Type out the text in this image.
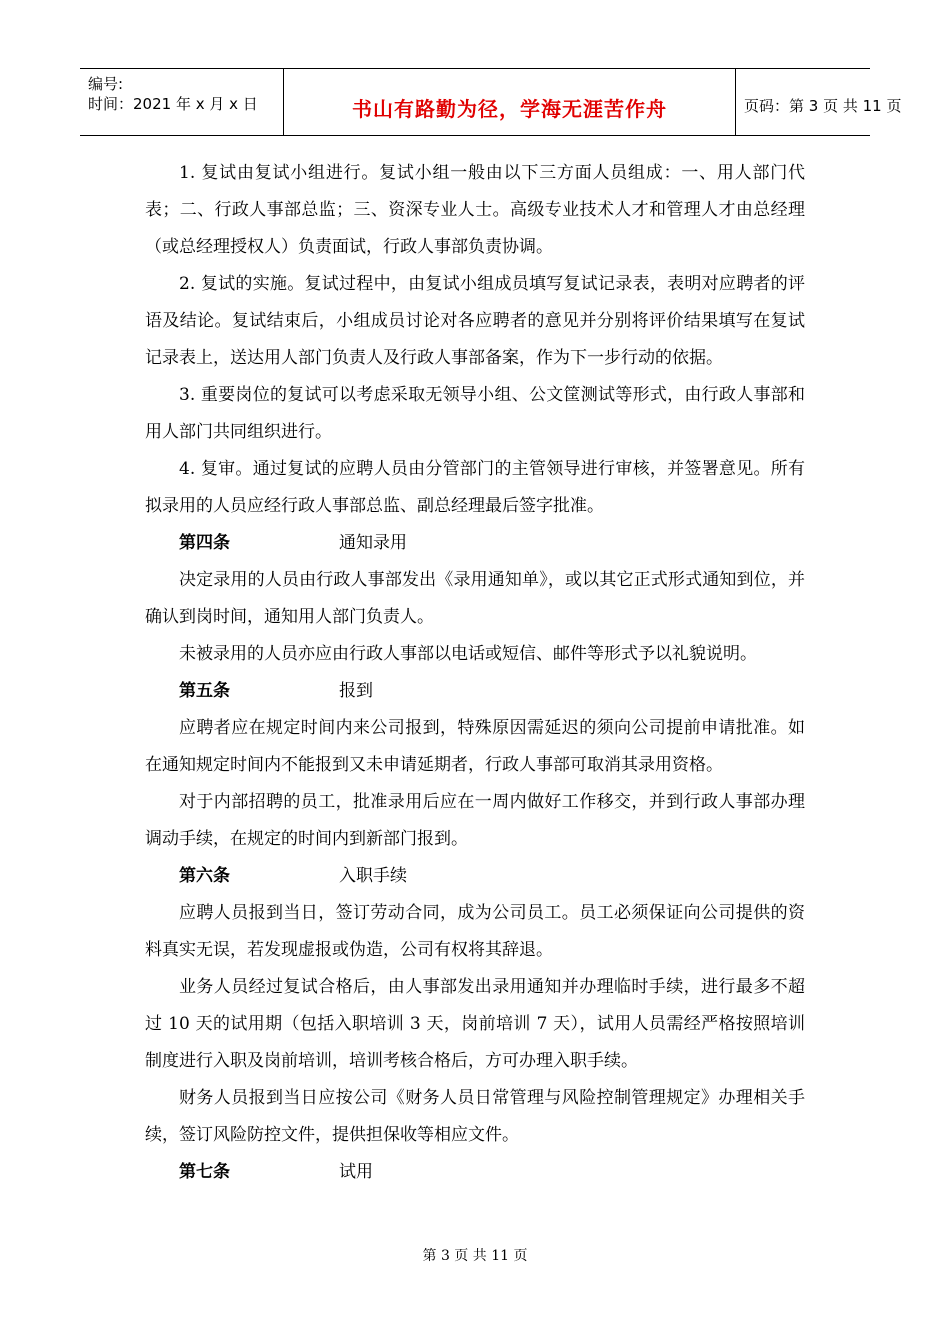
编号:
时间：2021 年 x 月 x 日	书山有路勤为径，学海无涯苦作舟	页码：第 3 页 共 11 页

1. 复试由复试小组进行。复试小组一般由以下三方面人员组成：一、用人部门代表；二、行政人事部总监；三、资深专业人士。高级专业技术人才和管理人才由总经理（或总经理授权人）负责面试，行政人事部负责协调。

2. 复试的实施。复试过程中，由复试小组成员填写复试记录表，表明对应聘者的评语及结论。复试结束后，小组成员讨论对各应聘者的意见并分别将评价结果填写在复试记录表上，送达用人部门负责人及行政人事部备案，作为下一步行动的依据。

3. 重要岗位的复试可以考虑采取无领导小组、公文筐测试等形式，由行政人事部和用人部门共同组织进行。

4. 复审。通过复试的应聘人员由分管部门的主管领导进行审核，并签署意见。所有拟录用的人员应经行政人事部总监、副总经理最后签字批准。

第四条	通知录用

决定录用的人员由行政人事部发出《录用通知单》，或以其它正式形式通知到位，并确认到岗时间，通知用人部门负责人。

未被录用的人员亦应由行政人事部以电话或短信、邮件等形式予以礼貌说明。

第五条	报到

应聘者应在规定时间内来公司报到，特殊原因需延迟的须向公司提前申请批准。如在通知规定时间内不能报到又未申请延期者，行政人事部可取消其录用资格。

对于内部招聘的员工，批准录用后应在一周内做好工作移交，并到行政人事部办理调动手续，在规定的时间内到新部门报到。

第六条	入职手续

应聘人员报到当日，签订劳动合同，成为公司员工。员工必须保证向公司提供的资料真实无误，若发现虚报或伪造，公司有权将其辞退。

业务人员经过复试合格后，由人事部发出录用通知并办理临时手续，进行最多不超过 10 天的试用期（包括入职培训 3 天，岗前培训 7 天），试用人员需经严格按照培训制度进行入职及岗前培训，培训考核合格后，方可办理入职手续。

财务人员报到当日应按公司《财务人员日常管理与风险控制管理规定》办理相关手续，签订风险防控文件，提供担保收等相应文件。

第七条	试用

第 3 页 共 11 页
